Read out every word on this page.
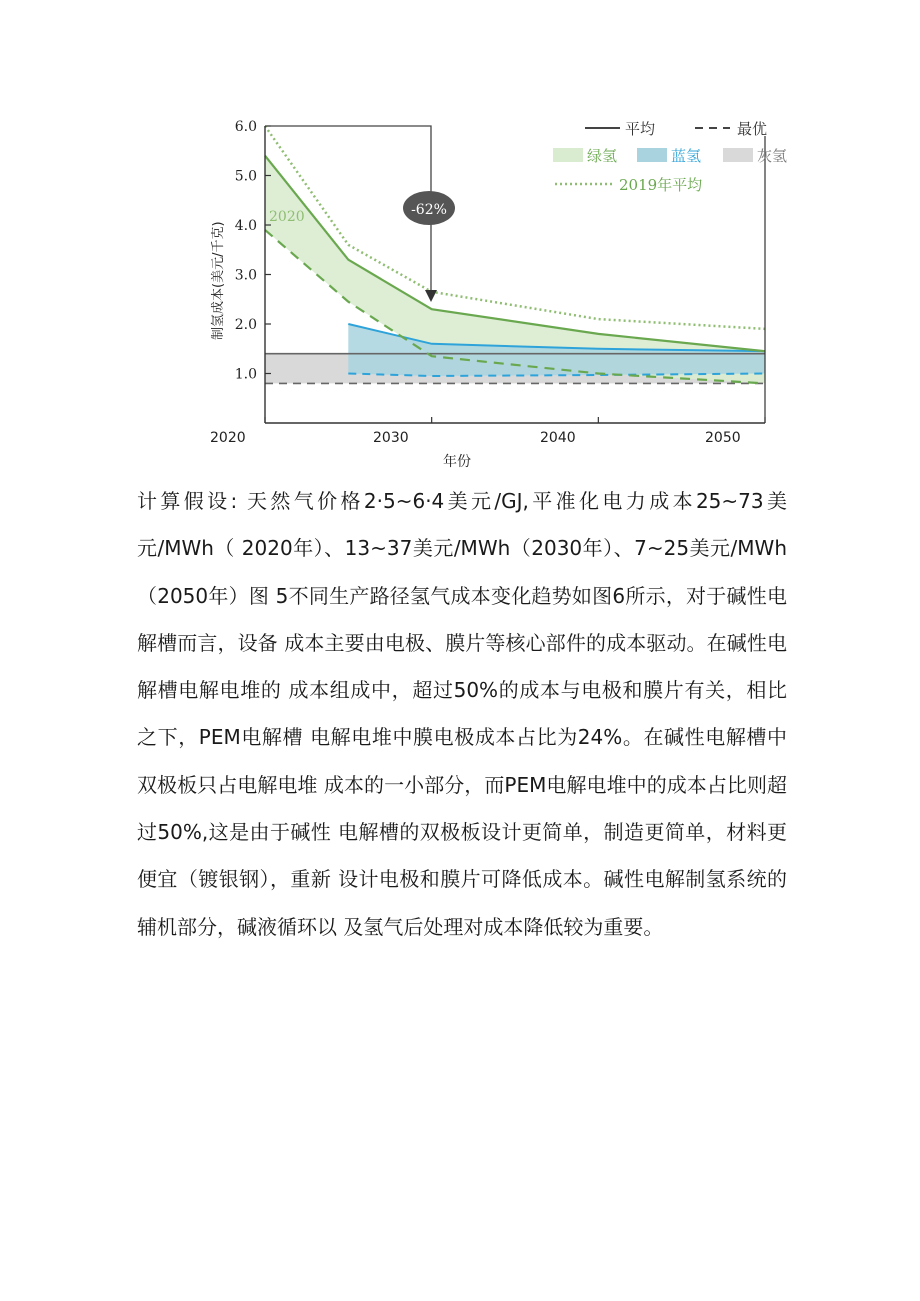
1.0
2.0
3.0
4.0
5.0
6.0
2020	2030	2040	2050
平均	最优
绿氢	蓝氢	灰氢
2019年平均
-62%
2020
制氢成本(美元/千克)
年份
计算假设: 天然气价格2·5~6·4美元/GJ,平准化电力成本25~73美元/MWh（ 2020年）、13~37美元/MWh（2030年）、7~25美元/MWh（2050年）图 5不同生产路径氢气成本变化趋势如图6所示，对于碱性电解槽而言，设备 成本主要由电极、膜片等核心部件的成本驱动。在碱性电解槽电解电堆的 成本组成中，超过50%的成本与电极和膜片有关，相比之下，PEM电解槽 电解电堆中膜电极成本占比为24%。在碱性电解槽中双极板只占电解电堆 成本的一小部分，而PEM电解电堆中的成本占比则超过50%,这是由于碱性 电解槽的双极板设计更简单，制造更简单，材料更便宜（镀银钢），重新 设计电极和膜片可降低成本。碱性电解制氢系统的辅机部分，碱液循环以 及氢气后处理对成本降低较为重要。
